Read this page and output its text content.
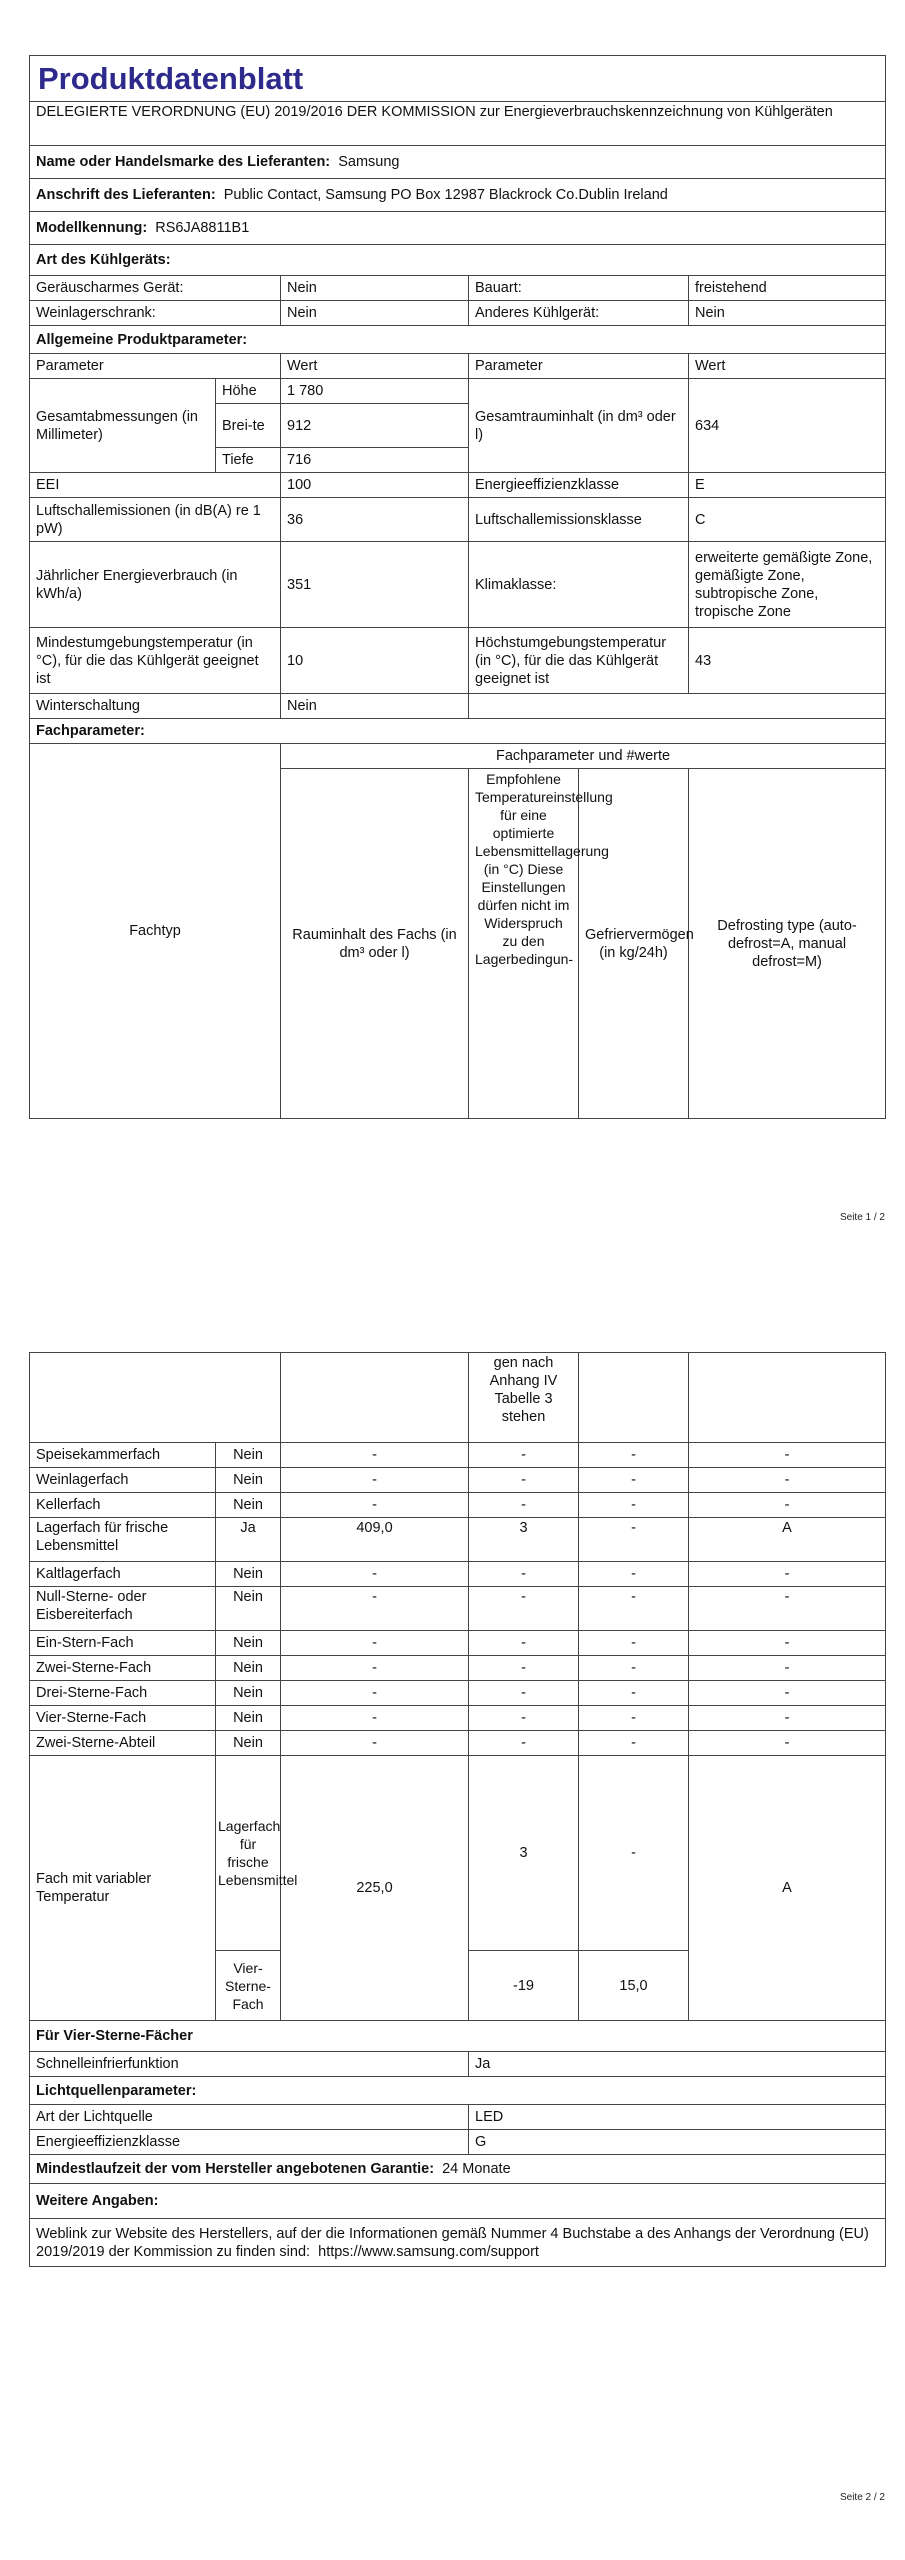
Produktdatenblatt					
DELEGIERTE VERORDNUNG (EU) 2019/2016 DER KOMMISSION zur Energieverbrauchskennzeichnung von Kühlgeräten					
Name oder Handelsmarke des Lieferanten: Samsung					
Anschrift des Lieferanten: Public Contact, Samsung PO Box 12987 Blackrock Co.Dublin Ireland					
Modellkennung: RS6JA8811B1					
Art des Kühlgeräts:					
Geräuscharmes Gerät:		Nein	Bauart:		freistehend
Weinlagerschrank:		Nein	Anderes Kühlgerät:		Nein
Allgemeine Produktparameter:					
Parameter		Wert	Parameter		Wert
Gesamtabmessungen (in Millimeter)	Höhe	1 780	Gesamtrauminhalt (in dm³ oder l)		634
	Brei-te	912			
	Tiefe	716			
EEI		100	Energieeffizienzklasse		E
Luftschallemissionen (in dB(A) re 1 pW)		36	Luftschallemissionsklasse		C
Jährlicher Energieverbrauch (in kWh/a)		351	Klimaklasse:		erweiterte gemäßigte Zone, gemäßigte Zone, subtropische Zone, tropische Zone
Mindestumgebungstemperatur (in °C), für die das Kühlgerät geeignet ist		10	Höchstumgebungstemperatur (in °C), für die das Kühlgerät geeignet ist		43
Winterschaltung		Nein			
Fachparameter:					
Fachtyp		Fachparameter und #werte			
		Rauminhalt des Fachs (in dm³ oder l)	Empfohlene Temperatureinstellung für eine optimierte Lebensmittellagerung (in °C) Diese Einstellungen dürfen nicht im Widerspruch zu den Lagerbedingun-	Gefriervermögen (in kg/24h)	Defrosting type (auto-defrost=A, manual defrost=M)
Seite 1 / 2
			gen nach Anhang IV Tabelle 3 stehen		
Speisekammerfach	Nein	-	-	-	-
Weinlagerfach	Nein	-	-	-	-
Kellerfach	Nein	-	-	-	-
Lagerfach für frische Lebensmittel	Ja	409,0	3	-	A
Kaltlagerfach	Nein	-	-	-	-
Null-Sterne- oder Eisbereiterfach	Nein	-	-	-	-
Ein-Stern-Fach	Nein	-	-	-	-
Zwei-Sterne-Fach	Nein	-	-	-	-
Drei-Sterne-Fach	Nein	-	-	-	-
Vier-Sterne-Fach	Nein	-	-	-	-
Zwei-Sterne-Abteil	Nein	-	-	-	-
Fach mit variabler Temperatur	Lagerfach für frische Lebensmittel	225,0	3	-	A
	Vier-Sterne-Fach		-19	15,0	
Für Vier-Sterne-Fächer					
Schnelleinfrierfunktion			Ja		
Lichtquellenparameter:					
Art der Lichtquelle			LED		
Energieeffizienzklasse			G		
Mindestlaufzeit der vom Hersteller angebotenen Garantie: 24 Monate					
Weitere Angaben:					
Weblink zur Website des Herstellers, auf der die Informationen gemäß Nummer 4 Buchstabe a des Anhangs der Verordnung (EU) 2019/2019 der Kommission zu finden sind: https://www.samsung.com/support					
Seite 2 / 2
